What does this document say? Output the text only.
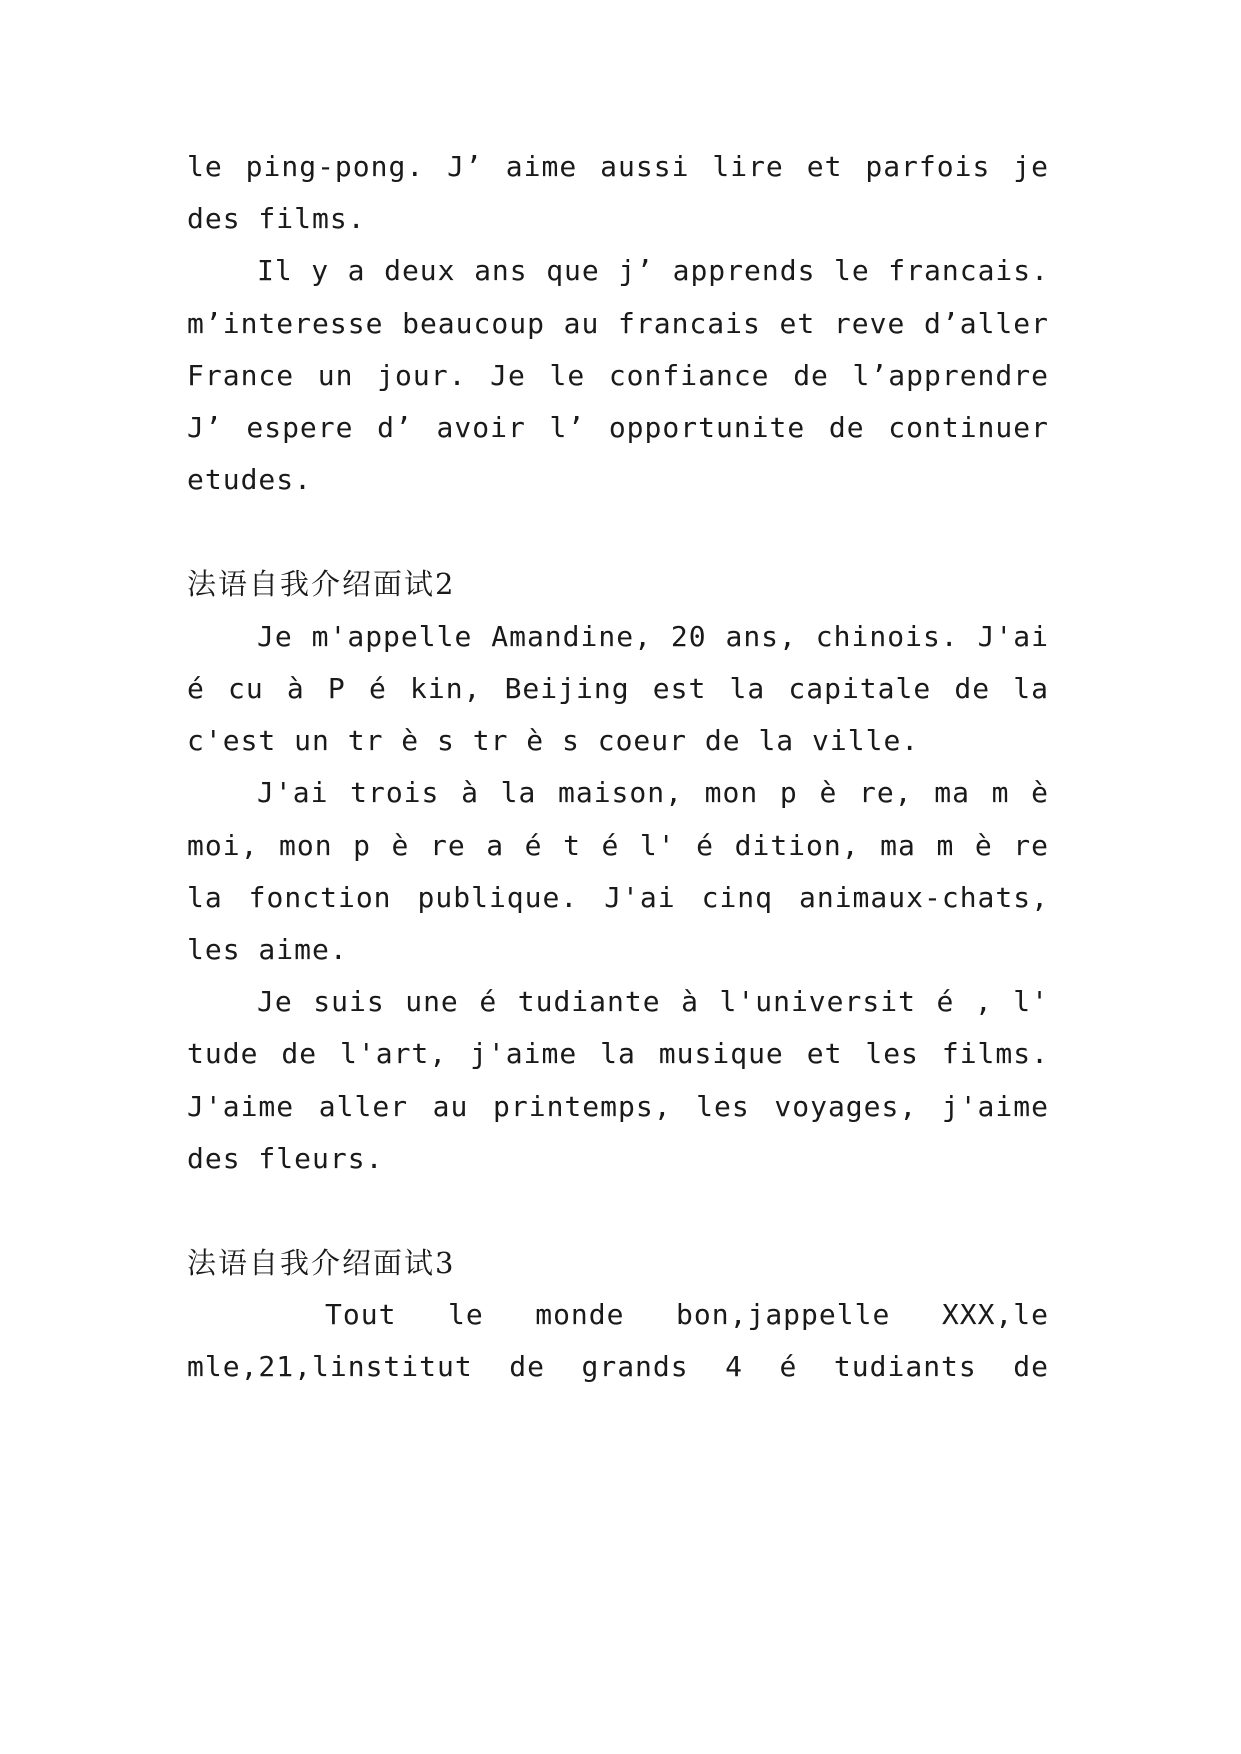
le ping-pong. J’ aime aussi lire et parfois je
des films.
Il y a deux ans que j’ apprends le francais.
m’interesse beaucoup au francais et reve d’aller
France un jour. Je le confiance de l’apprendre
J’ espere d’ avoir l’ opportunite de continuer
etudes.
法语自我介绍面试2
Je m'appelle Amandine, 20 ans, chinois. J'ai
é cu à P é kin, Beijing est la capitale de la
c'est un tr è s tr è s coeur de la ville.
J'ai trois à la maison, mon p è re, ma m è
moi, mon p è re a é t é l' é dition, ma m è re
la fonction publique. J'ai cinq animaux-chats,
les aime.
Je suis une é tudiante à l'universit é , l'
tude de l'art, j'aime la musique et les films.
J'aime aller au printemps, les voyages, j'aime
des fleurs.
法语自我介绍面试3
Tout le monde bon,jappelle XXX,le
mle,21,linstitut de grands 4 é tudiants de
